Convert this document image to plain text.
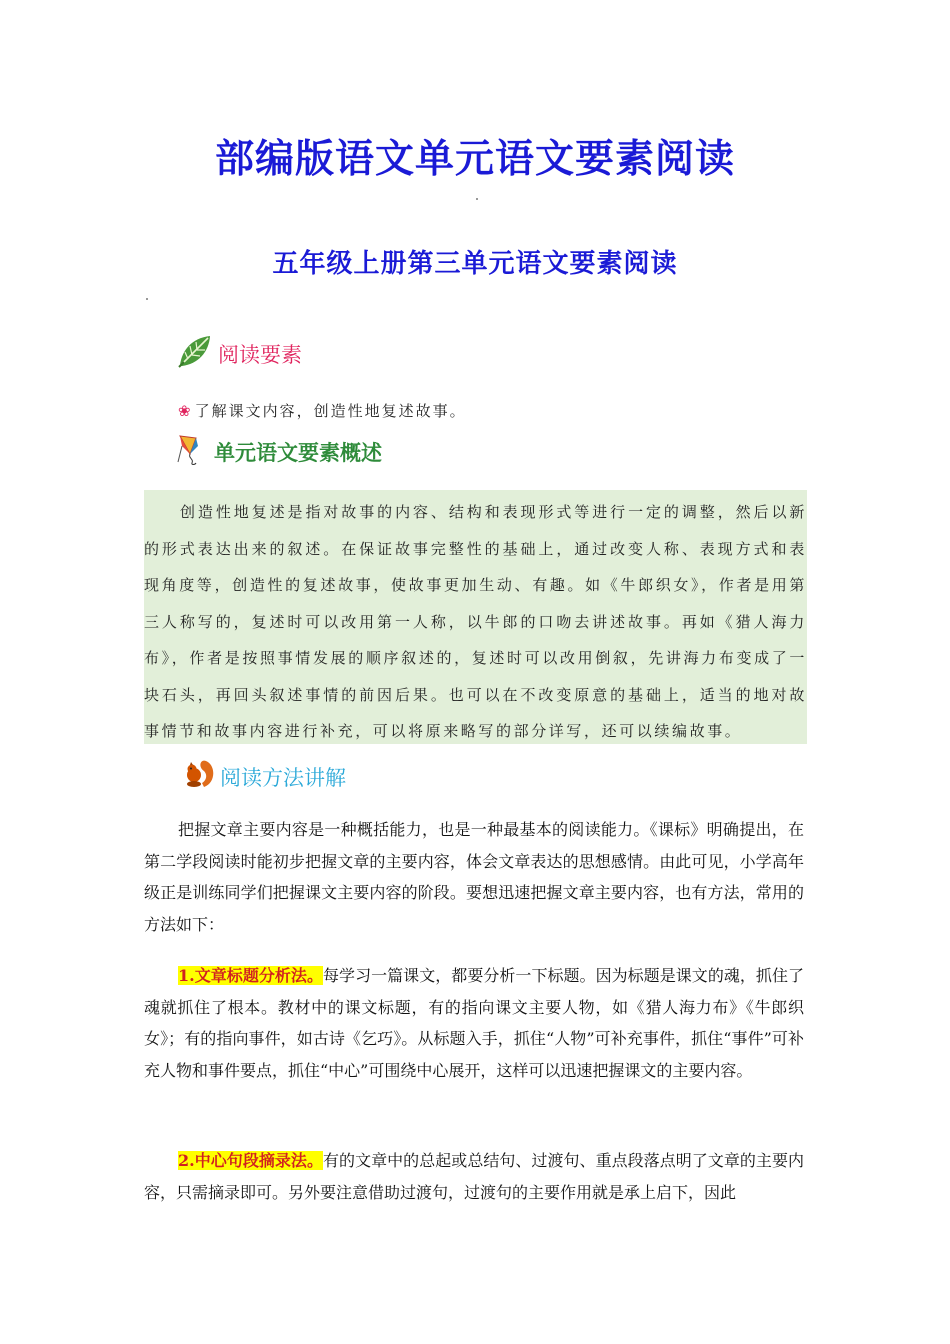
部编版语文单元语文要素阅读
五年级上册第三单元语文要素阅读
阅读要素
❀ 了解课文内容，创造性地复述故事。
单元语文要素概述

创造性地复述是指对故事的内容、结构和表现形式等进行一定的调整，然后以新的形式表达出来的叙述。在保证故事完整性的基础上，通过改变人称、表现方式和表现角度等，创造性的复述故事，使故事更加生动、有趣。如《牛郎织女》，作者是用第三人称写的，复述时可以改用第一人称，以牛郎的口吻去讲述故事。再如《猎人海力布》，作者是按照事情发展的顺序叙述的，复述时可以改用倒叙，先讲海力布变成了一块石头，再回头叙述事情的前因后果。也可以在不改变原意的基础上，适当的地对故事情节和故事内容进行补充，可以将原来略写的部分详写，还可以续编故事。

阅读方法讲解
把握文章主要内容是一种概括能力，也是一种最基本的阅读能力。《课标》明确提出，在第二学段阅读时能初步把握文章的主要内容，体会文章表达的思想感情。由此可见，小学高年级正是训练同学们把握课文主要内容的阶段。要想迅速把握文章主要内容，也有方法，常用的方法如下：
1.文章标题分析法。每学习一篇课文，都要分析一下标题。因为标题是课文的魂，抓住了魂就抓住了根本。教材中的课文标题，有的指向课文主要人物，如《猎人海力布》《牛郎织女》；有的指向事件，如古诗《乞巧》。从标题入手，抓住“人物”可补充事件，抓住“事件”可补充人物和事件要点，抓住“中心”可围绕中心展开，这样可以迅速把握课文的主要内容。
2.中心句段摘录法。有的文章中的总起或总结句、过渡句、重点段落点明了文章的主要内容，只需摘录即可。另外要注意借助过渡句，过渡句的主要作用就是承上启下，因此
